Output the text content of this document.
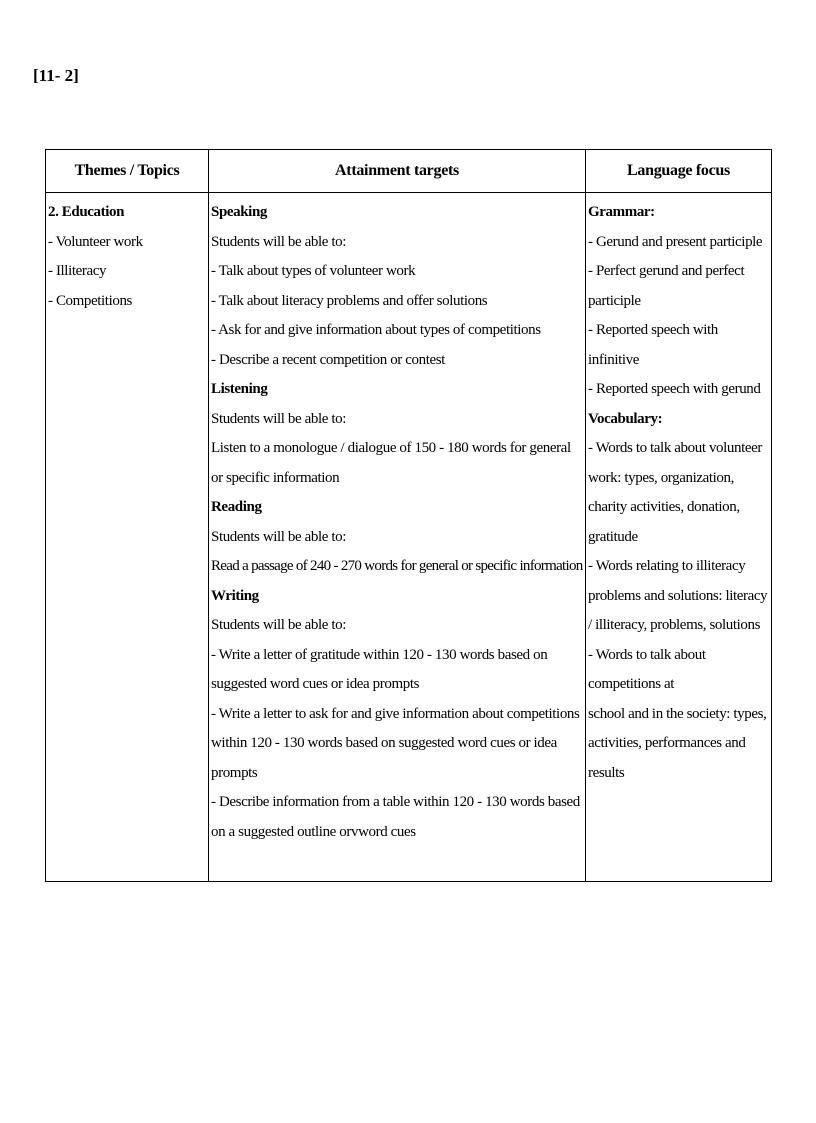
[11- 2]
Themes / Topics	Attainment targets	Language focus
2. Education
- Volunteer work
- Illiteracy
- Competitions
Speaking
Students will be able to:
- Talk about types of volunteer work
- Talk about literacy problems and offer solutions
- Ask for and give information about types of competitions
- Describe a recent competition or contest
Listening
Students will be able to:
Listen to a monologue / dialogue of 150 - 180 words for general or specific information
Reading
Students will be able to:
Read a passage of 240 - 270 words for general or specific information
Writing
Students will be able to:
- Write a letter of gratitude within 120 - 130 words based on suggested word cues or idea prompts
- Write a letter to ask for and give information about competitions within 120 - 130 words based on suggested word cues or idea prompts
- Describe information from a table within 120 - 130 words based on a suggested outline orvword cues
Grammar:
- Gerund and present participle
- Perfect gerund and perfect participle
- Reported speech with infinitive
- Reported speech with gerund
Vocabulary:
- Words to talk about volunteer work: types, organization, charity activities, donation, gratitude
- Words relating to illiteracy problems and solutions: literacy / illiteracy, problems, solutions
- Words to talk about competitions at
school and in the society: types, activities, performances and results
